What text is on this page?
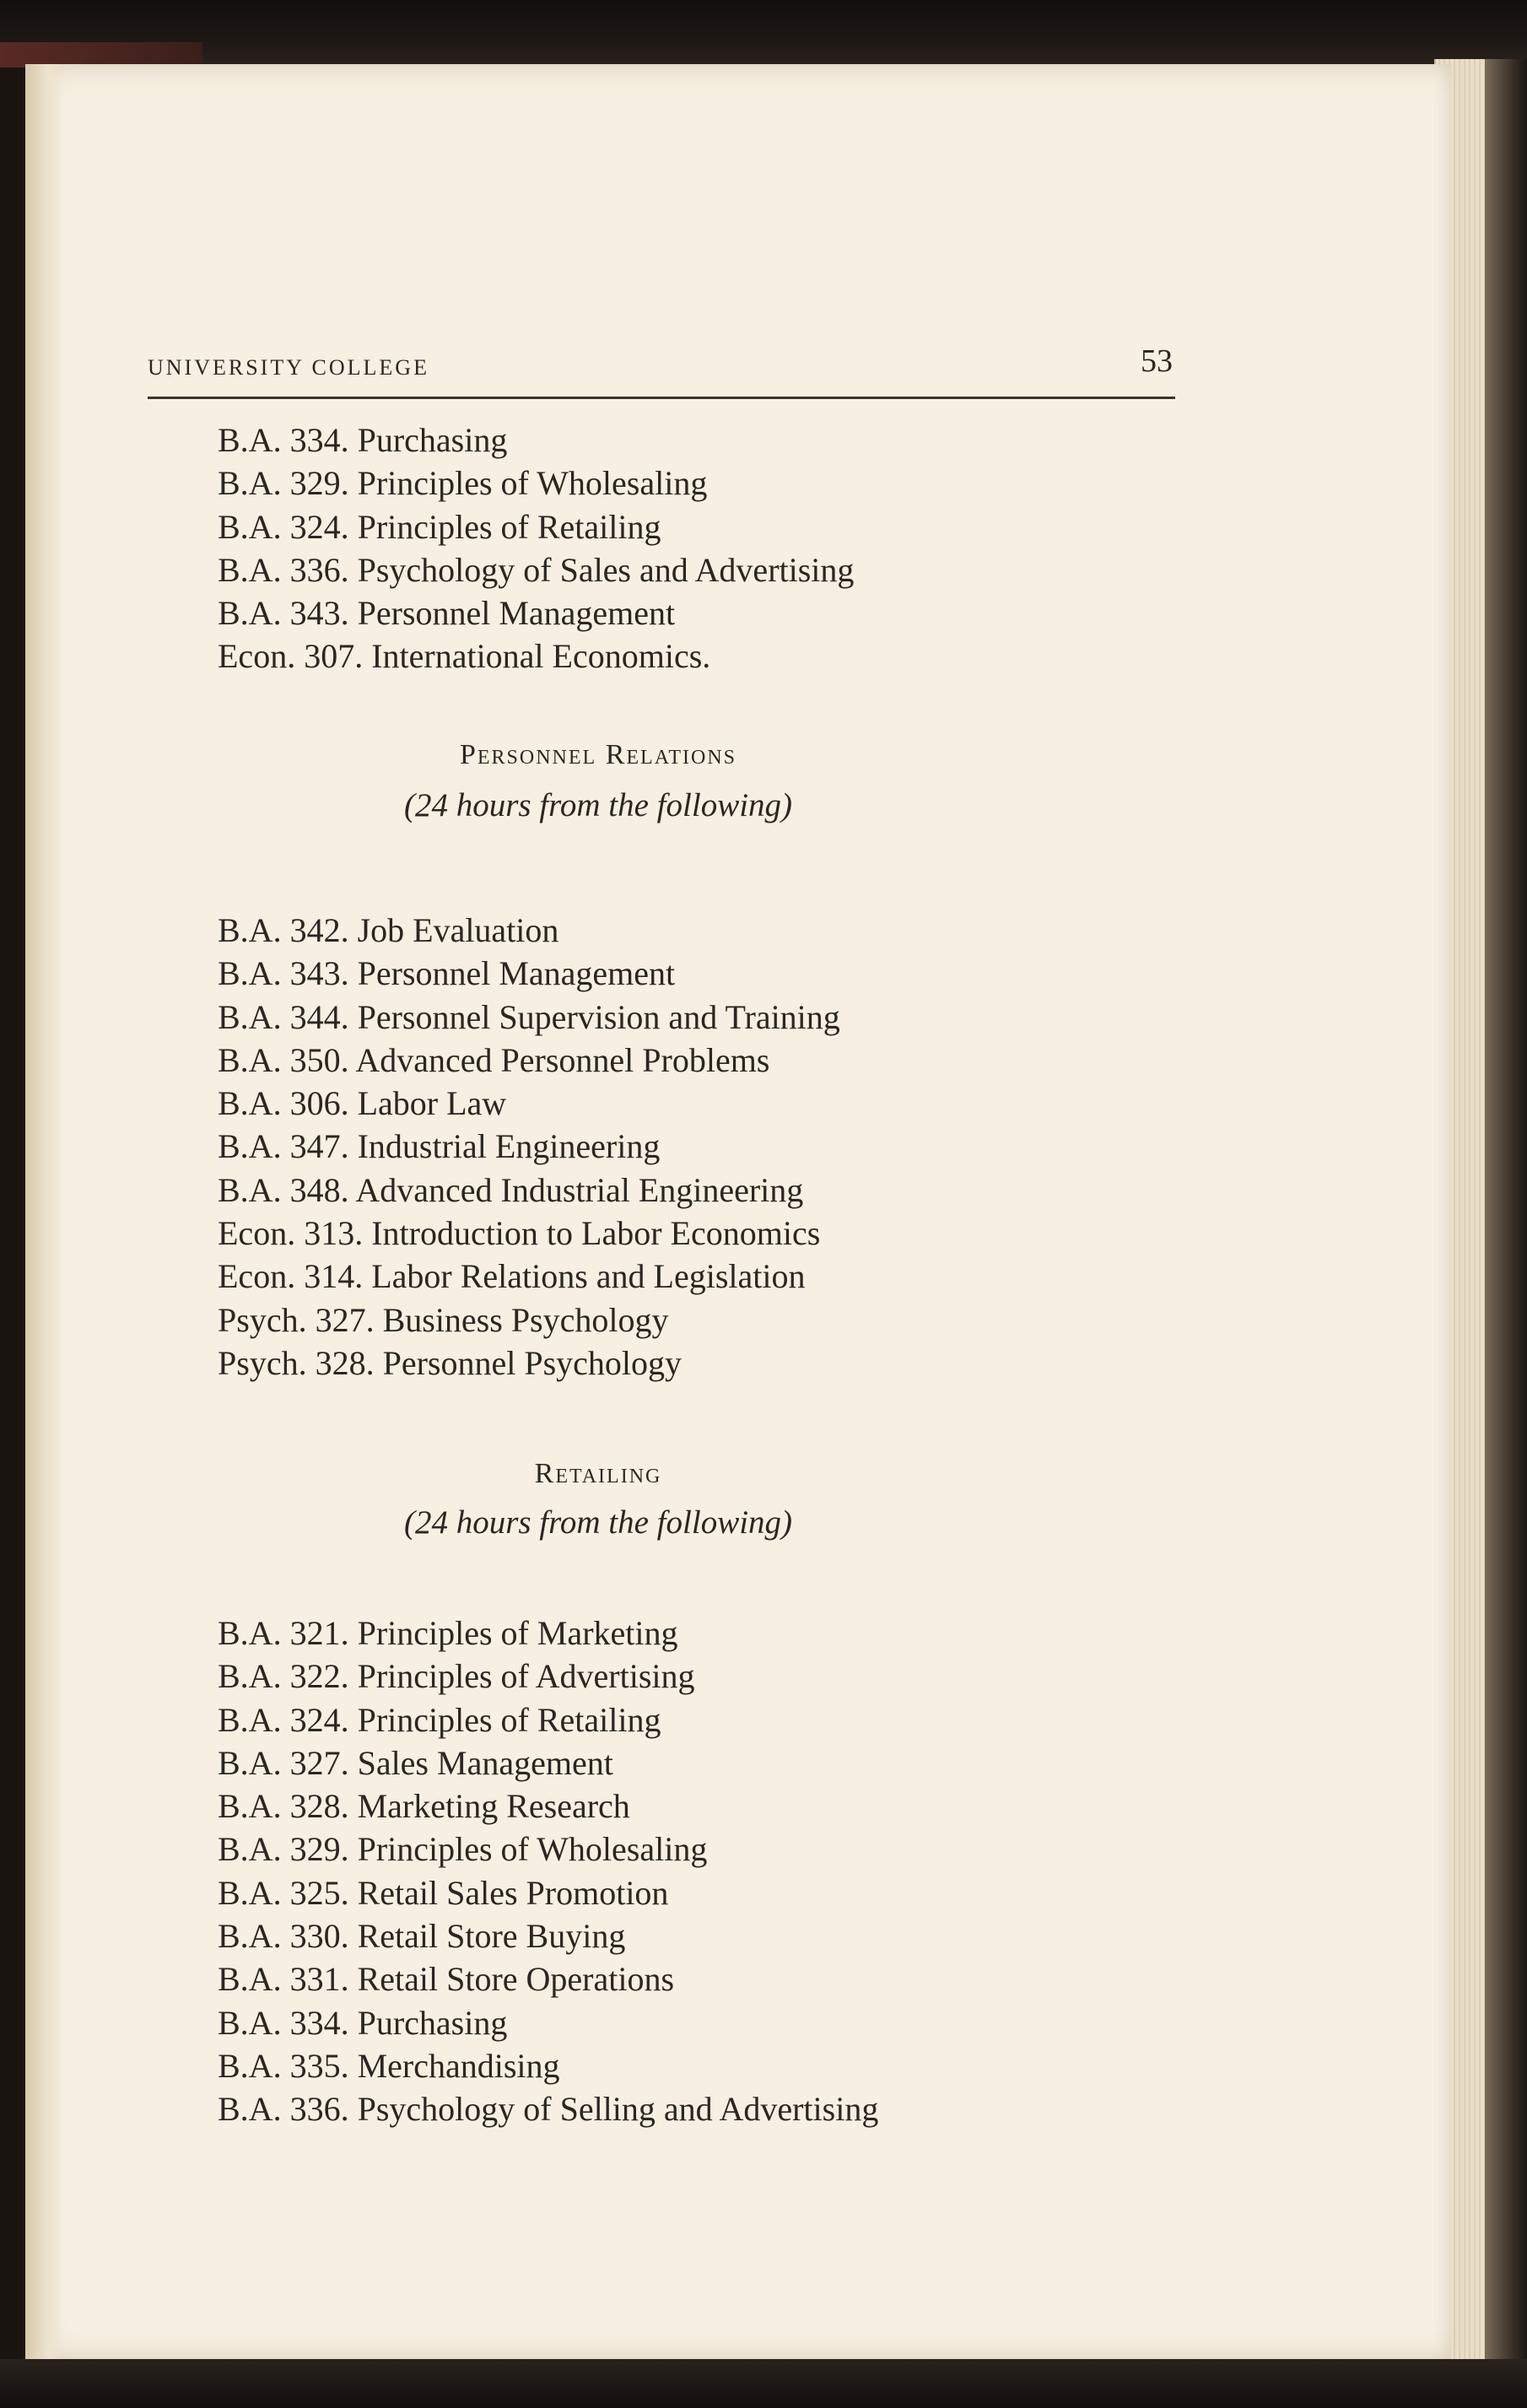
UNIVERSITY COLLEGE	53
B.A. 334. Purchasing
B.A. 329. Principles of Wholesaling
B.A. 324. Principles of Retailing
B.A. 336. Psychology of Sales and Advertising
B.A. 343. Personnel Management
Econ. 307. International Economics.
Personnel Relations
(24 hours from the following)
B.A. 342. Job Evaluation
B.A. 343. Personnel Management
B.A. 344. Personnel Supervision and Training
B.A. 350. Advanced Personnel Problems
B.A. 306. Labor Law
B.A. 347. Industrial Engineering
B.A. 348. Advanced Industrial Engineering
Econ. 313. Introduction to Labor Economics
Econ. 314. Labor Relations and Legislation
Psych. 327. Business Psychology
Psych. 328. Personnel Psychology
Retailing
(24 hours from the following)
B.A. 321. Principles of Marketing
B.A. 322. Principles of Advertising
B.A. 324. Principles of Retailing
B.A. 327. Sales Management
B.A. 328. Marketing Research
B.A. 329. Principles of Wholesaling
B.A. 325. Retail Sales Promotion
B.A. 330. Retail Store Buying
B.A. 331. Retail Store Operations
B.A. 334. Purchasing
B.A. 335. Merchandising
B.A. 336. Psychology of Selling and Advertising
